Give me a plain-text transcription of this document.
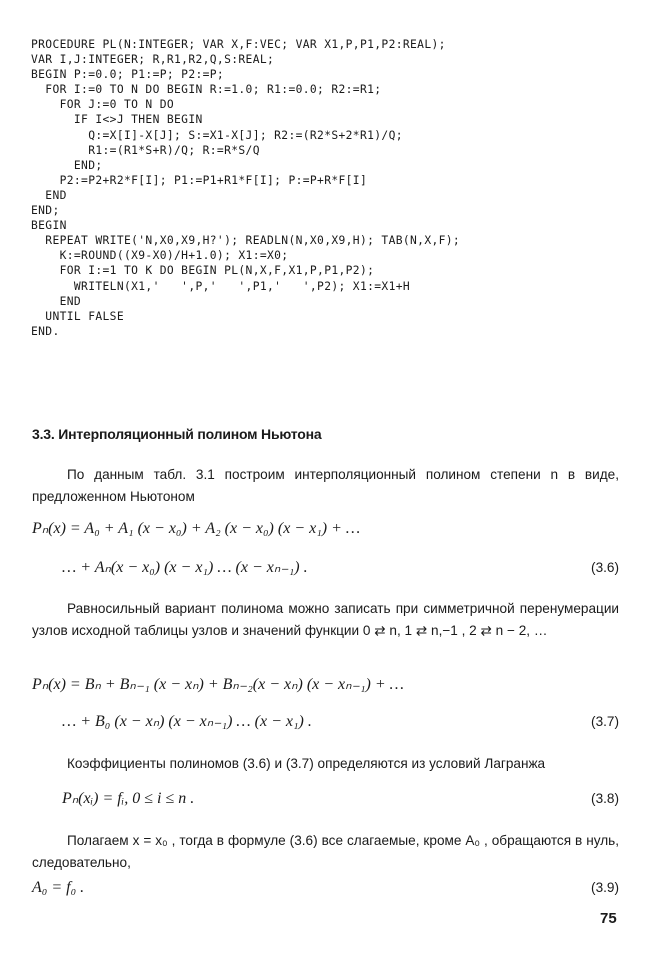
PROCEDURE PL(N:INTEGER; VAR X,F:VEC; VAR X1,P,P1,P2:REAL);
VAR I,J:INTEGER; R,R1,R2,Q,S:REAL;
BEGIN P:=0.0; P1:=P; P2:=P;
FOR I:=0 TO N DO BEGIN R:=1.0; R1:=0.0; R2:=R1;
FOR J:=0 TO N DO
IF I<>J THEN BEGIN
Q:=X[I]-X[J]; S:=X1-X[J]; R2:=(R2*S+2*R1)/Q;
R1:=(R1*S+R)/Q; R:=R*S/Q
END;
P2:=P2+R2*F[I]; P1:=P1+R1*F[I]; P:=P+R*F[I]
END
END;
BEGIN
REPEAT WRITE('N,X0,X9,H?'); READLN(N,X0,X9,H); TAB(N,X,F);
K:=ROUND((X9-X0)/H+1.0); X1:=X0;
FOR I:=1 TO K DO BEGIN PL(N,X,F,X1,P,P1,P2);
WRITELN(X1,'   ',P,'   ',P1,'   ',P2); X1:=X1+H
END
UNTIL FALSE
END.
3.3. Интерполяционный полином Ньютона

По данным табл. 3.1 построим интерполяционный полином степени n в виде, предложенном Ньютоном

Pₙ(x) = A₀ + A₁ (x − x₀) + A₂ (x − x₀) (x − x₁) + …
… + Aₙ(x − x₀) (x − x₁) … (x − xₙ₋₁) .	(3.6)

Равносильный вариант полинома можно записать при симметричной перенумерации узлов исходной таблицы узлов и значений функции 0 ⇄ n, 1 ⇄ n,−1 , 2 ⇄ n − 2, …

Pₙ(x) = Bₙ + Bₙ₋₁ (x − xₙ) + Bₙ₋₂(x − xₙ) (x − xₙ₋₁) + …
… + B₀ (x − xₙ) (x − xₙ₋₁) … (x − x₁) .	(3.7)

Коэффициенты полиномов (3.6) и (3.7) определяются из условий Лагранжа

Pₙ(xᵢ) = fᵢ, 0 ≤ i ≤ n .	(3.8)

Полагаем x = x₀ , тогда в формуле (3.6) все слагаемые, кроме A₀ , обращаются в нуль, следовательно,

A₀ = f₀ .	(3.9)
75
